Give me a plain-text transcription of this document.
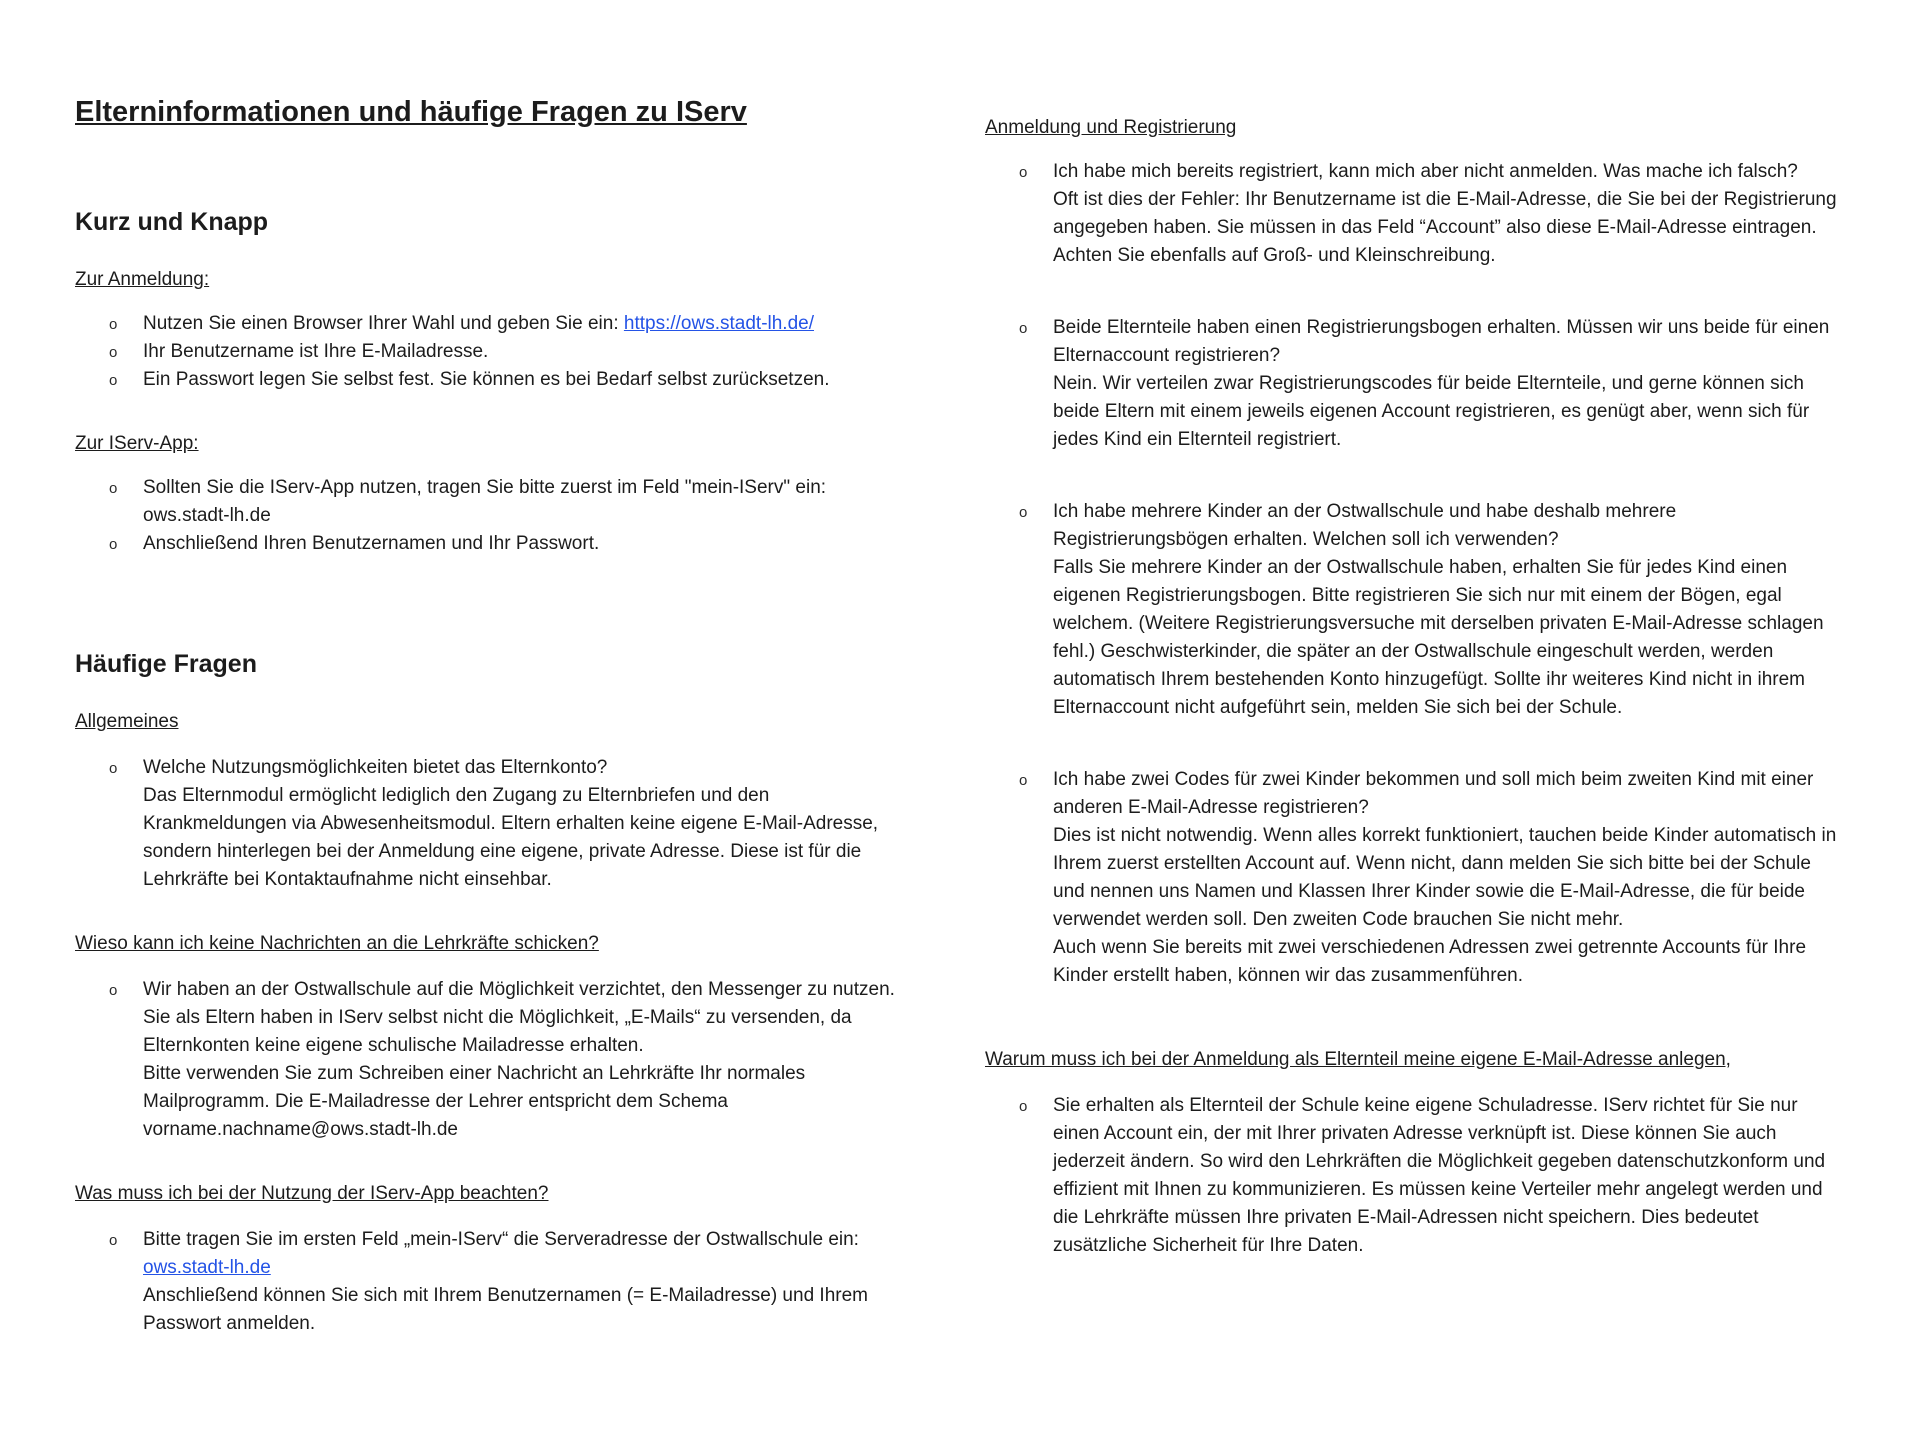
Elterninformationen und häufige Fragen zu IServ
Kurz und Knapp
Zur Anmeldung:
o Nutzen Sie einen Browser Ihrer Wahl und geben Sie ein: https://ows.stadt-lh.de/
o Ihr Benutzername ist Ihre E-Mailadresse.
o Ein Passwort legen Sie selbst fest. Sie können es bei Bedarf selbst zurücksetzen.
Zur IServ-App:
o Sollten Sie die IServ-App nutzen, tragen Sie bitte zuerst im Feld "mein-IServ" ein:
ows.stadt-lh.de
o Anschließend Ihren Benutzernamen und Ihr Passwort.
Häufige Fragen
Allgemeines
o Welche Nutzungsmöglichkeiten bietet das Elternkonto?
Das Elternmodul ermöglicht lediglich den Zugang zu Elternbriefen und den Krankmeldungen via Abwesenheitsmodul. Eltern erhalten keine eigene E-Mail-Adresse, sondern hinterlegen bei der Anmeldung eine eigene, private Adresse. Diese ist für die Lehrkräfte bei Kontaktaufnahme nicht einsehbar.
Wieso kann ich keine Nachrichten an die Lehrkräfte schicken?
o Wir haben an der Ostwallschule auf die Möglichkeit verzichtet, den Messenger zu nutzen. Sie als Eltern haben in IServ selbst nicht die Möglichkeit, „E-Mails“ zu versenden, da Elternkonten keine eigene schulische Mailadresse erhalten.
Bitte verwenden Sie zum Schreiben einer Nachricht an Lehrkräfte Ihr normales Mailprogramm. Die E-Mailadresse der Lehrer entspricht dem Schema
vorname.nachname@ows.stadt-lh.de
Was muss ich bei der Nutzung der IServ-App beachten?
o Bitte tragen Sie im ersten Feld „mein-IServ“ die Serveradresse der Ostwallschule ein:
ows.stadt-lh.de
Anschließend können Sie sich mit Ihrem Benutzernamen (= E-Mailadresse) und Ihrem Passwort anmelden.
Anmeldung und Registrierung
o Ich habe mich bereits registriert, kann mich aber nicht anmelden. Was mache ich falsch?
Oft ist dies der Fehler: Ihr Benutzername ist die E-Mail-Adresse, die Sie bei der Registrierung angegeben haben. Sie müssen in das Feld “Account” also diese E-Mail-Adresse eintragen. Achten Sie ebenfalls auf Groß- und Kleinschreibung.
o Beide Elternteile haben einen Registrierungsbogen erhalten. Müssen wir uns beide für einen Elternaccount registrieren?
Nein. Wir verteilen zwar Registrierungscodes für beide Elternteile, und gerne können sich beide Eltern mit einem jeweils eigenen Account registrieren, es genügt aber, wenn sich für jedes Kind ein Elternteil registriert.
o Ich habe mehrere Kinder an der Ostwallschule und habe deshalb mehrere Registrierungsbögen erhalten. Welchen soll ich verwenden?
Falls Sie mehrere Kinder an der Ostwallschule haben, erhalten Sie für jedes Kind einen eigenen Registrierungsbogen. Bitte registrieren Sie sich nur mit einem der Bögen, egal welchem. (Weitere Registrierungsversuche mit derselben privaten E-Mail-Adresse schlagen fehl.) Geschwisterkinder, die später an der Ostwallschule eingeschult werden, werden automatisch Ihrem bestehenden Konto hinzugefügt. Sollte ihr weiteres Kind nicht in ihrem Elternaccount nicht aufgeführt sein, melden Sie sich bei der Schule.
o Ich habe zwei Codes für zwei Kinder bekommen und soll mich beim zweiten Kind mit einer anderen E-Mail-Adresse registrieren?
Dies ist nicht notwendig. Wenn alles korrekt funktioniert, tauchen beide Kinder automatisch in Ihrem zuerst erstellten Account auf. Wenn nicht, dann melden Sie sich bitte bei der Schule und nennen uns Namen und Klassen Ihrer Kinder sowie die E-Mail-Adresse, die für beide verwendet werden soll. Den zweiten Code brauchen Sie nicht mehr.
Auch wenn Sie bereits mit zwei verschiedenen Adressen zwei getrennte Accounts für Ihre Kinder erstellt haben, können wir das zusammenführen.
Warum muss ich bei der Anmeldung als Elternteil meine eigene E-Mail-Adresse anlegen,
o Sie erhalten als Elternteil der Schule keine eigene Schuladresse. IServ richtet für Sie nur einen Account ein, der mit Ihrer privaten Adresse verknüpft ist. Diese können Sie auch jederzeit ändern. So wird den Lehrkräften die Möglichkeit gegeben datenschutzkonform und effizient mit Ihnen zu kommunizieren. Es müssen keine Verteiler mehr angelegt werden und die Lehrkräfte müssen Ihre privaten E-Mail-Adressen nicht speichern. Dies bedeutet zusätzliche Sicherheit für Ihre Daten.
